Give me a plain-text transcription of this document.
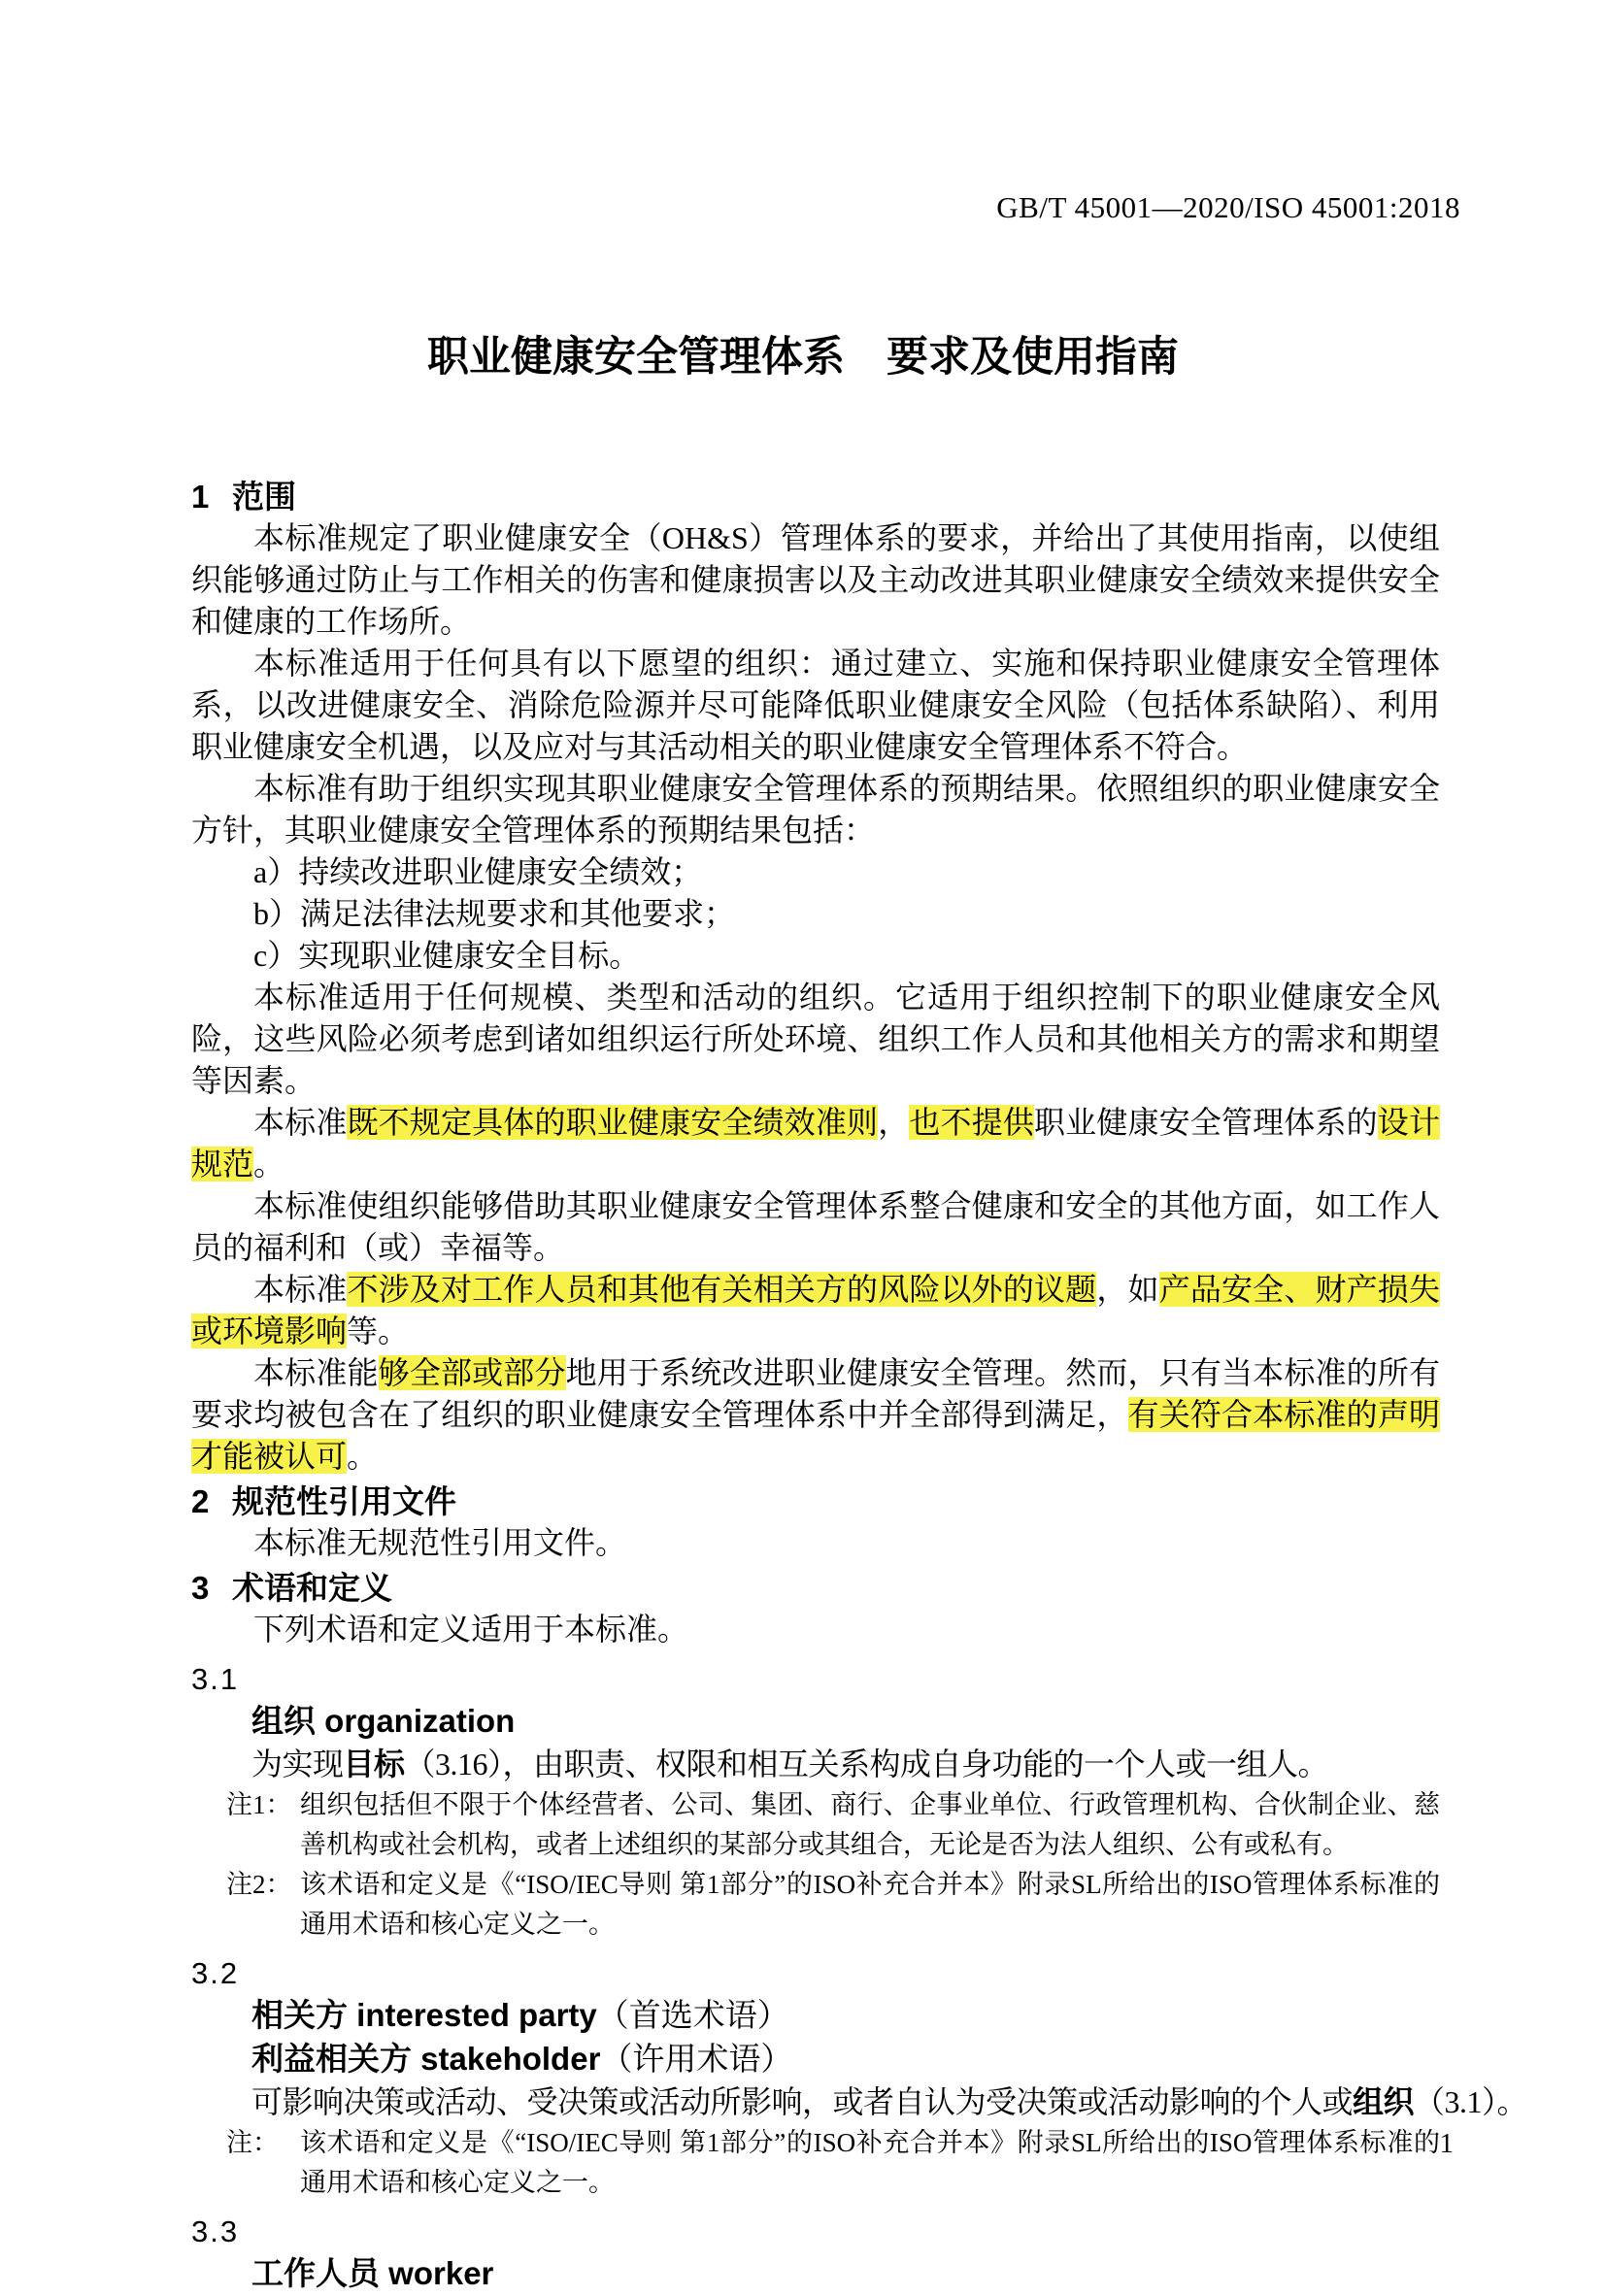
GB/T 45001—2020/ISO 45001:2018
职业健康安全管理体系　要求及使用指南
1 范围
本标准规定了职业健康安全（OH&S）管理体系的要求，并给出了其使用指南，以使组织能够通过防止与工作相关的伤害和健康损害以及主动改进其职业健康安全绩效来提供安全和健康的工作场所。
本标准适用于任何具有以下愿望的组织：通过建立、实施和保持职业健康安全管理体系，以改进健康安全、消除危险源并尽可能降低职业健康安全风险（包括体系缺陷）、利用职业健康安全机遇，以及应对与其活动相关的职业健康安全管理体系不符合。
本标准有助于组织实现其职业健康安全管理体系的预期结果。依照组织的职业健康安全方针，其职业健康安全管理体系的预期结果包括：
a）持续改进职业健康安全绩效；
b）满足法律法规要求和其他要求；
c）实现职业健康安全目标。
本标准适用于任何规模、类型和活动的组织。它适用于组织控制下的职业健康安全风险，这些风险必须考虑到诸如组织运行所处环境、组织工作人员和其他相关方的需求和期望等因素。
本标准既不规定具体的职业健康安全绩效准则，也不提供职业健康安全管理体系的设计规范。
本标准使组织能够借助其职业健康安全管理体系整合健康和安全的其他方面，如工作人员的福利和（或）幸福等。
本标准不涉及对工作人员和其他有关相关方的风险以外的议题，如产品安全、财产损失或环境影响等。
本标准能够全部或部分地用于系统改进职业健康安全管理。然而，只有当本标准的所有要求均被包含在了组织的职业健康安全管理体系中并全部得到满足，有关符合本标准的声明才能被认可。
2 规范性引用文件
本标准无规范性引用文件。
3 术语和定义
下列术语和定义适用于本标准。
3.1
组织 organization
为实现目标（3.16），由职责、权限和相互关系构成自身功能的一个人或一组人。
注1： 组织包括但不限于个体经营者、公司、集团、商行、企事业单位、行政管理机构、合伙制企业、慈善机构或社会机构，或者上述组织的某部分或其组合，无论是否为法人组织、公有或私有。
注2： 该术语和定义是《“ISO/IEC导则 第1部分”的ISO补充合并本》附录SL所给出的ISO管理体系标准的通用术语和核心定义之一。
3.2
相关方 interested party（首选术语）
利益相关方 stakeholder（许用术语）
可影响决策或活动、受决策或活动所影响，或者自认为受决策或活动影响的个人或组织（3.1）。
注： 该术语和定义是《“ISO/IEC导则 第1部分”的ISO补充合并本》附录SL所给出的ISO管理体系标准的通用术语和核心定义之一。
3.3
工作人员 worker
1
